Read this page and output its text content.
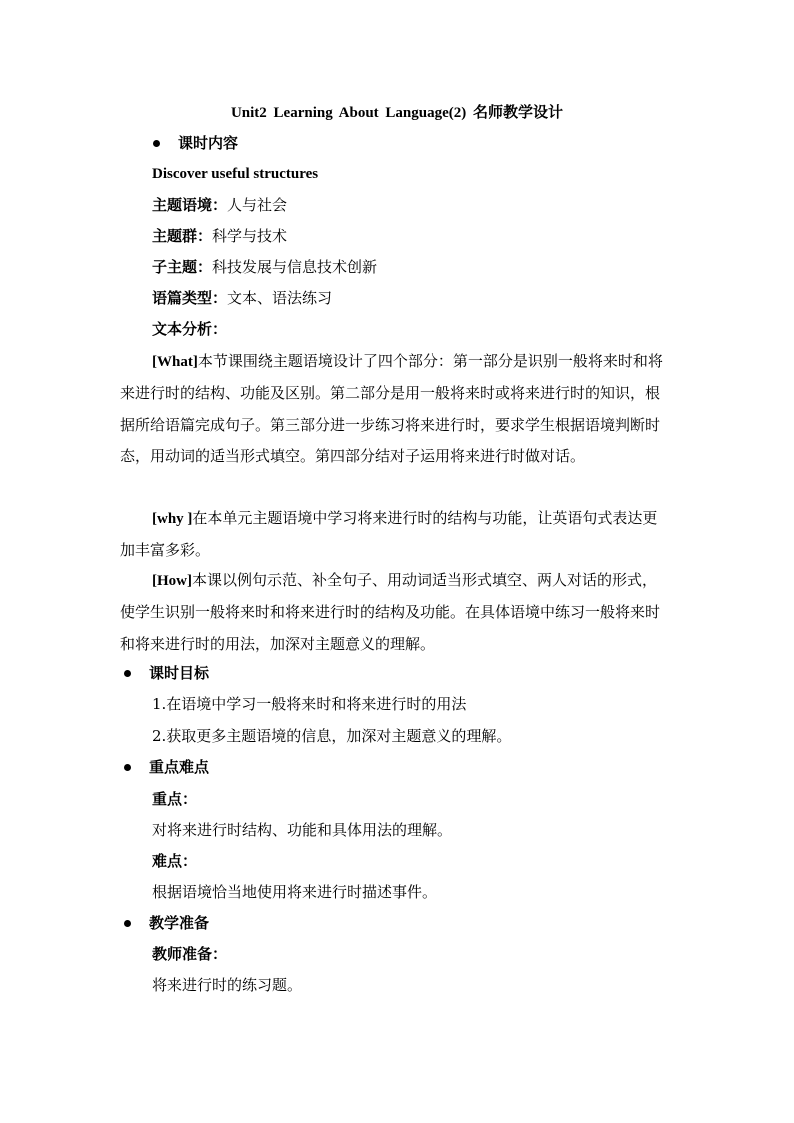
Unit2 Learning About Language(2) 名师教学设计
课时内容
Discover useful structures
主题语境：人与社会
主题群：科学与技术
子主题：科技发展与信息技术创新
语篇类型：文本、语法练习
文本分析：
[What]本节课围绕主题语境设计了四个部分：第一部分是识别一般将来时和将来进行时的结构、功能及区别。第二部分是用一般将来时或将来进行时的知识，根据所给语篇完成句子。第三部分进一步练习将来进行时，要求学生根据语境判断时态，用动词的适当形式填空。第四部分结对子运用将来进行时做对话。
[why ]在本单元主题语境中学习将来进行时的结构与功能，让英语句式表达更加丰富多彩。
[How]本课以例句示范、补全句子、用动词适当形式填空、两人对话的形式，使学生识别一般将来时和将来进行时的结构及功能。在具体语境中练习一般将来时和将来进行时的用法，加深对主题意义的理解。
课时目标
1.在语境中学习一般将来时和将来进行时的用法
2.获取更多主题语境的信息，加深对主题意义的理解。
重点难点
重点：
对将来进行时结构、功能和具体用法的理解。
难点：
根据语境恰当地使用将来进行时描述事件。
教学准备
教师准备：
将来进行时的练习题。
